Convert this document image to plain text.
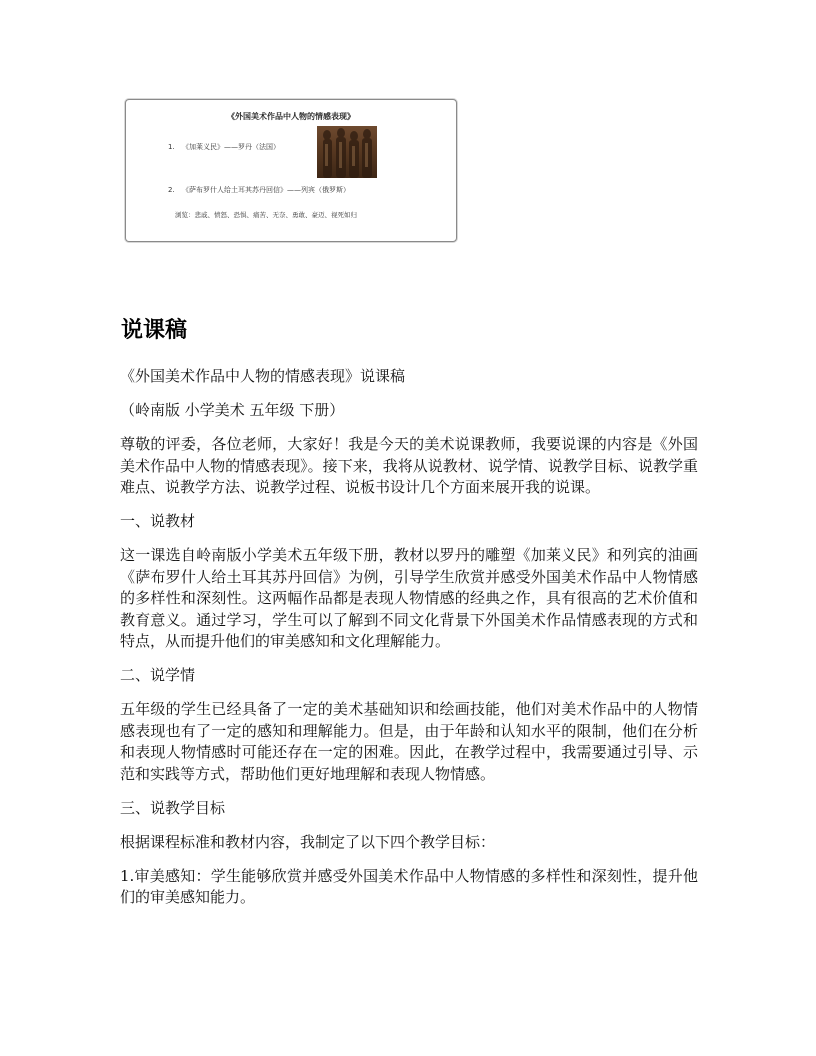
《外国美术作品中人物的情感表现》
1. 《加莱义民》——罗丹（法国）
2. 《萨布罗什人给土耳其苏丹回信》——列宾（俄罗斯）
浏览：悲戚、愤怒、恐惧、痛苦、无奈、勇敢、豪迈、视死如归
说课稿

《外国美术作品中人物的情感表现》说课稿

（岭南版 小学美术 五年级 下册）

尊敬的评委，各位老师，大家好！我是今天的美术说课教师，我要说课的内容是《外国美术作品中人物的情感表现》。接下来，我将从说教材、说学情、说教学目标、说教学重难点、说教学方法、说教学过程、说板书设计几个方面来展开我的说课。

一、说教材

这一课选自岭南版小学美术五年级下册，教材以罗丹的雕塑《加莱义民》和列宾的油画《萨布罗什人给土耳其苏丹回信》为例，引导学生欣赏并感受外国美术作品中人物情感的多样性和深刻性。这两幅作品都是表现人物情感的经典之作，具有很高的艺术价值和教育意义。通过学习，学生可以了解到不同文化背景下外国美术作品情感表现的方式和特点，从而提升他们的审美感知和文化理解能力。

二、说学情

五年级的学生已经具备了一定的美术基础知识和绘画技能，他们对美术作品中的人物情感表现也有了一定的感知和理解能力。但是，由于年龄和认知水平的限制，他们在分析和表现人物情感时可能还存在一定的困难。因此，在教学过程中，我需要通过引导、示范和实践等方式，帮助他们更好地理解和表现人物情感。

三、说教学目标

根据课程标准和教材内容，我制定了以下四个教学目标：

1.审美感知：学生能够欣赏并感受外国美术作品中人物情感的多样性和深刻性，提升他们的审美感知能力。
